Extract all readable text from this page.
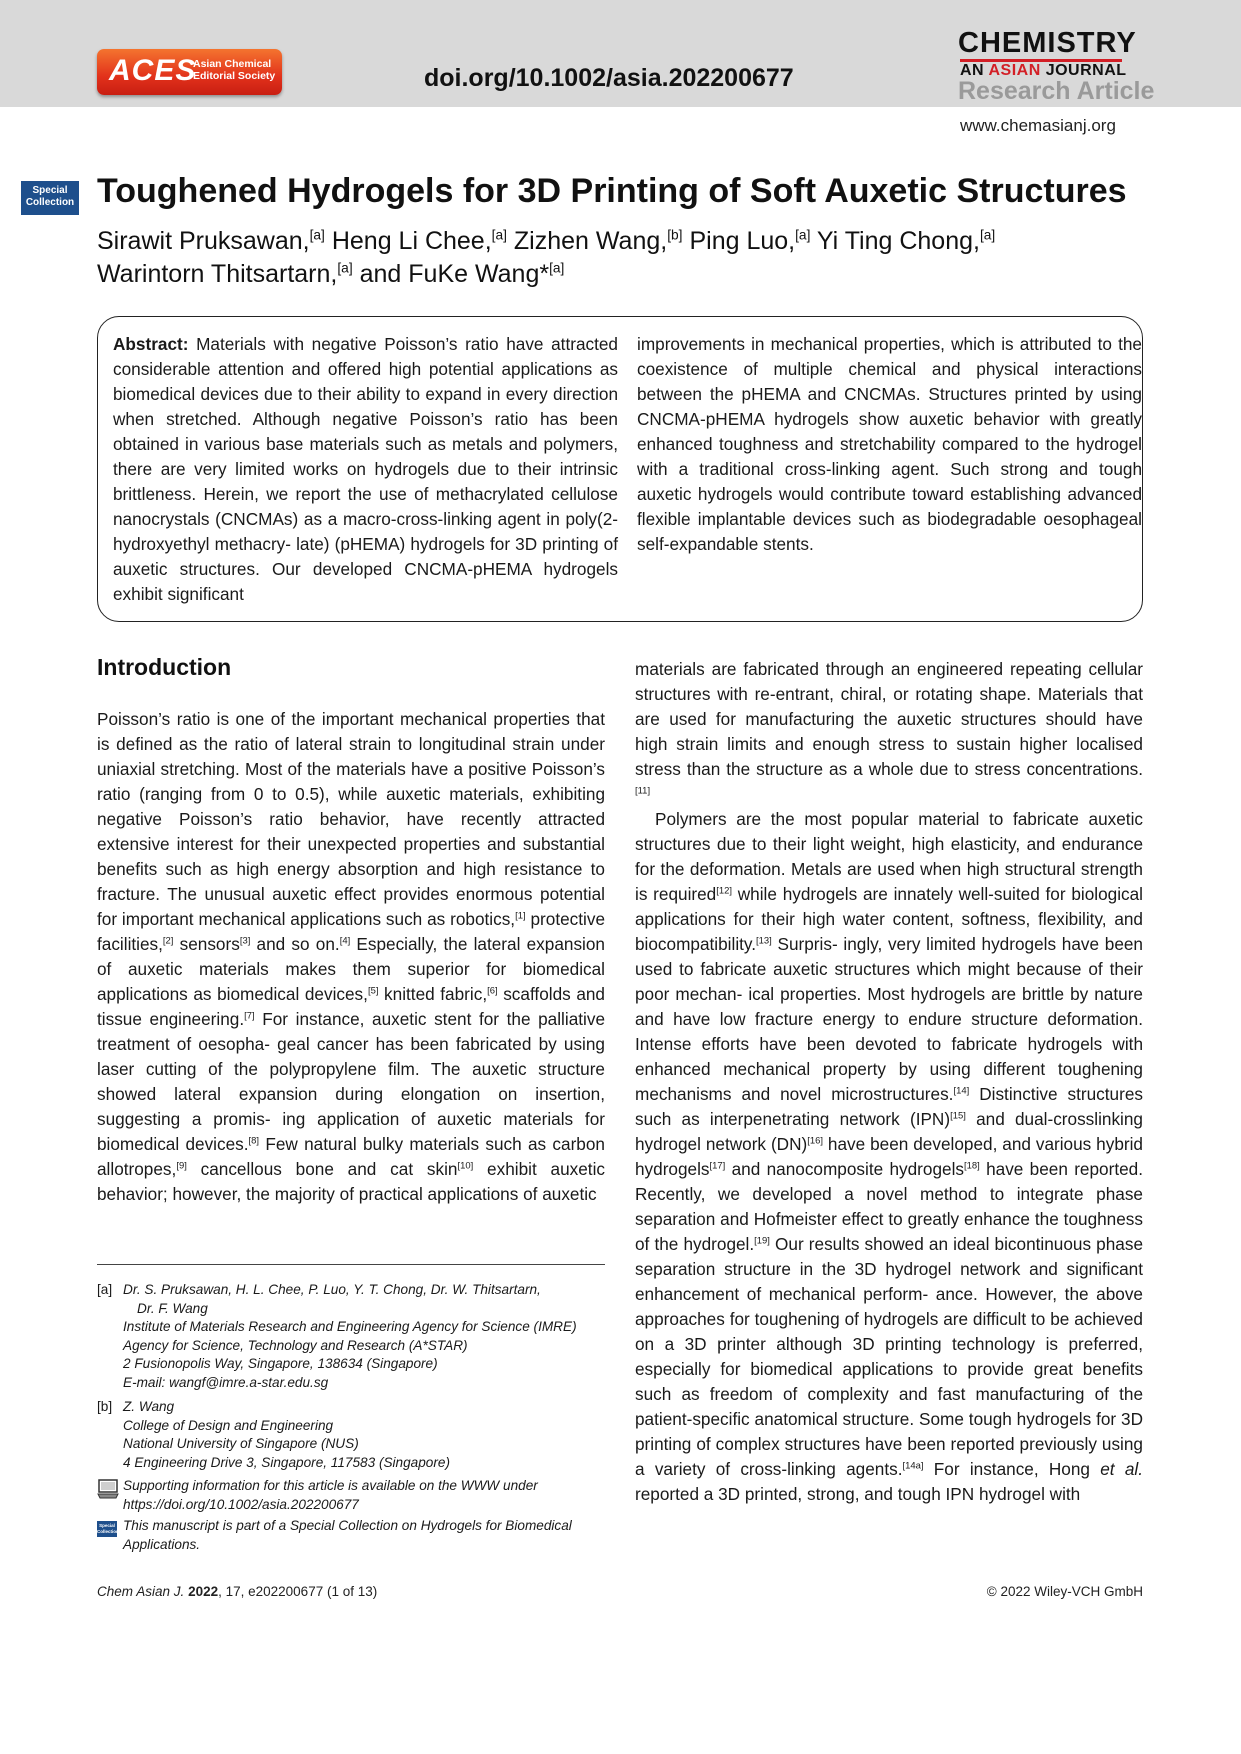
ACES
Asian Chemical
Editorial Society	doi.org/10.1002/asia.202200677
CHEMISTRY
AN ASIAN JOURNAL
Research Article
www.chemasianj.org
Special
Collection Toughened Hydrogels for 3D Printing of Soft Auxetic Structures
Sirawit Pruksawan,[a] Heng Li Chee,[a] Zizhen Wang,[b] Ping Luo,[a] Yi Ting Chong,[a]
Warintorn Thitsartarn,[a] and FuKe Wang*[a]

Abstract: Materials with negative Poisson’s ratio have attracted considerable attention and offered high potential applications as biomedical devices due to their ability to expand in every direction when stretched. Although negative Poisson’s ratio has been obtained in various base materials such as metals and polymers, there are very limited works on hydrogels due to their intrinsic brittleness. Herein, we report the use of methacrylated cellulose nanocrystals (CNCMAs) as a macro-cross-linking agent in poly(2-hydroxyethyl methacry- late) (pHEMA) hydrogels for 3D printing of auxetic structures. Our developed CNCMA-pHEMA hydrogels exhibit significant

improvements in mechanical properties, which is attributed to the coexistence of multiple chemical and physical interactions between the pHEMA and CNCMAs. Structures printed by using CNCMA-pHEMA hydrogels show auxetic behavior with greatly enhanced toughness and stretchability compared to the hydrogel with a traditional cross-linking agent. Such strong and tough auxetic hydrogels would contribute toward establishing advanced flexible implantable devices such as biodegradable oesophageal self-expandable stents.

Introduction

Poisson’s ratio is one of the important mechanical properties that is defined as the ratio of lateral strain to longitudinal strain under uniaxial stretching. Most of the materials have a positive Poisson’s ratio (ranging from 0 to 0.5), while auxetic materials, exhibiting negative Poisson’s ratio behavior, have recently attracted extensive interest for their unexpected properties and substantial benefits such as high energy absorption and high resistance to fracture. The unusual auxetic effect provides enormous potential for important mechanical applications such as robotics,[1] protective facilities,[2] sensors[3] and so on.[4] Especially, the lateral expansion of auxetic materials makes them superior for biomedical applications as biomedical devices,[5] knitted fabric,[6] scaffolds and tissue engineering.[7] For instance, auxetic stent for the palliative treatment of oesopha- geal cancer has been fabricated by using laser cutting of the polypropylene film. The auxetic structure showed lateral expansion during elongation on insertion, suggesting a promis- ing application of auxetic materials for biomedical devices.[8] Few natural bulky materials such as carbon allotropes,[9] cancellous bone and cat skin[10] exhibit auxetic behavior; however, the majority of practical applications of auxetic

materials are fabricated through an engineered repeating cellular structures with re-entrant, chiral, or rotating shape. Materials that are used for manufacturing the auxetic structures should have high strain limits and enough stress to sustain higher localised stress than the structure as a whole due to stress concentrations.[11]

Polymers are the most popular material to fabricate auxetic structures due to their light weight, high elasticity, and endurance for the deformation. Metals are used when high structural strength is required[12] while hydrogels are innately well-suited for biological applications for their high water content, softness, flexibility, and biocompatibility.[13] Surpris- ingly, very limited hydrogels have been used to fabricate auxetic structures which might because of their poor mechan- ical properties. Most hydrogels are brittle by nature and have low fracture energy to endure structure deformation. Intense efforts have been devoted to fabricate hydrogels with enhanced mechanical property by using different toughening mechanisms and novel microstructures.[14] Distinctive structures such as interpenetrating network (IPN)[15] and dual-crosslinking hydrogel network (DN)[16] have been developed, and various hybrid hydrogels[17] and nanocomposite hydrogels[18] have been reported. Recently, we developed a novel method to integrate phase separation and Hofmeister effect to greatly enhance the toughness of the hydrogel.[19] Our results showed an ideal bicontinuous phase separation structure in the 3D hydrogel network and significant enhancement of mechanical perform- ance. However, the above approaches for toughening of hydrogels are difficult to be achieved on a 3D printer although 3D printing technology is preferred, especially for biomedical applications to provide great benefits such as freedom of complexity and fast manufacturing of the patient-specific anatomical structure. Some tough hydrogels for 3D printing of complex structures have been reported previously using a variety of cross-linking agents.[14a] For instance, Hong et al. reported a 3D printed, strong, and tough IPN hydrogel with

[a] Dr. S. Pruksawan, H. L. Chee, P. Luo, Y. T. Chong, Dr. W. Thitsartarn,

Dr. F. Wang

Institute of Materials Research and Engineering Agency for Science (IMRE)

Agency for Science, Technology and Research (A*STAR)

2 Fusionopolis Way, Singapore, 138634 (Singapore)

E-mail: wangf@imre.a-star.edu.sg

[b] Z. Wang

College of Design and Engineering

National University of Singapore (NUS)

4 Engineering Drive 3, Singapore, 117583 (Singapore)

Supporting information for this article is available on the WWW under https://doi.org/10.1002/asia.202200677
Special
Collection This manuscript is part of a Special Collection on Hydrogels for Biomedical Applications.
Chem Asian J. 2022, 17, e202200677 (1 of 13)	© 2022 Wiley-VCH GmbH
